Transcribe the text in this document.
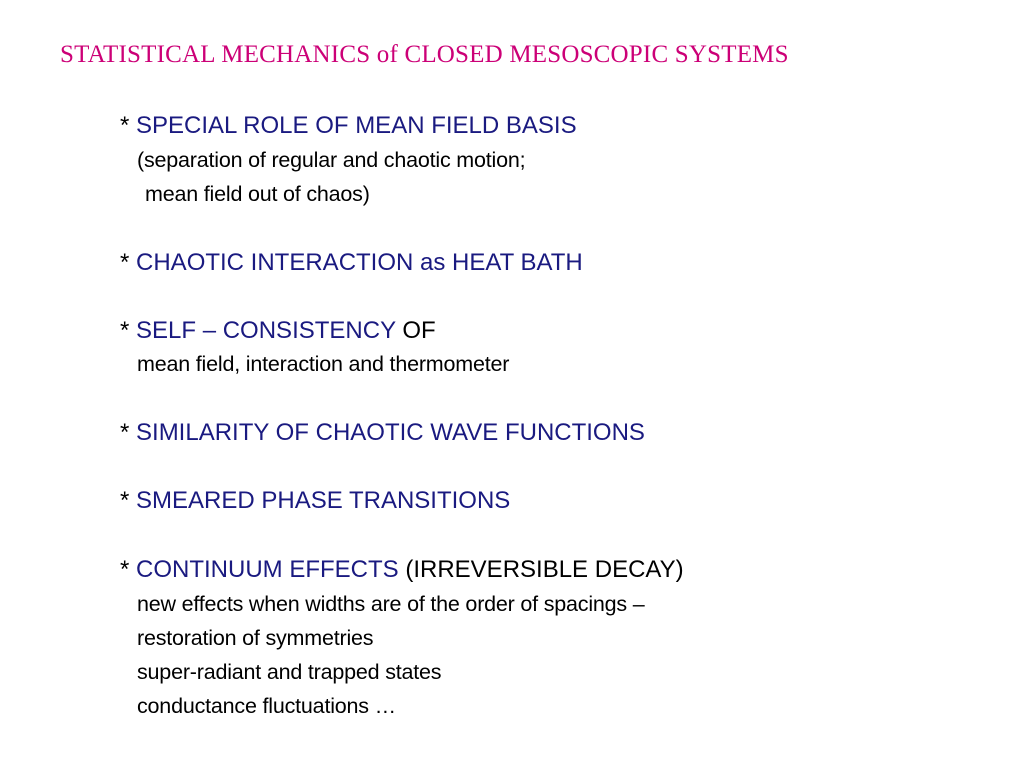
STATISTICAL MECHANICS of CLOSED MESOSCOPIC SYSTEMS
* SPECIAL ROLE OF MEAN FIELD BASIS
(separation of regular and chaotic motion;
mean field out of chaos)
* CHAOTIC INTERACTION as HEAT BATH
* SELF – CONSISTENCY OF
mean field, interaction and thermometer
* SIMILARITY OF CHAOTIC WAVE FUNCTIONS
* SMEARED PHASE TRANSITIONS
* CONTINUUM EFFECTS (IRREVERSIBLE DECAY)
new effects when widths are of the order of spacings –
restoration of symmetries
super-radiant and trapped states
conductance fluctuations …
